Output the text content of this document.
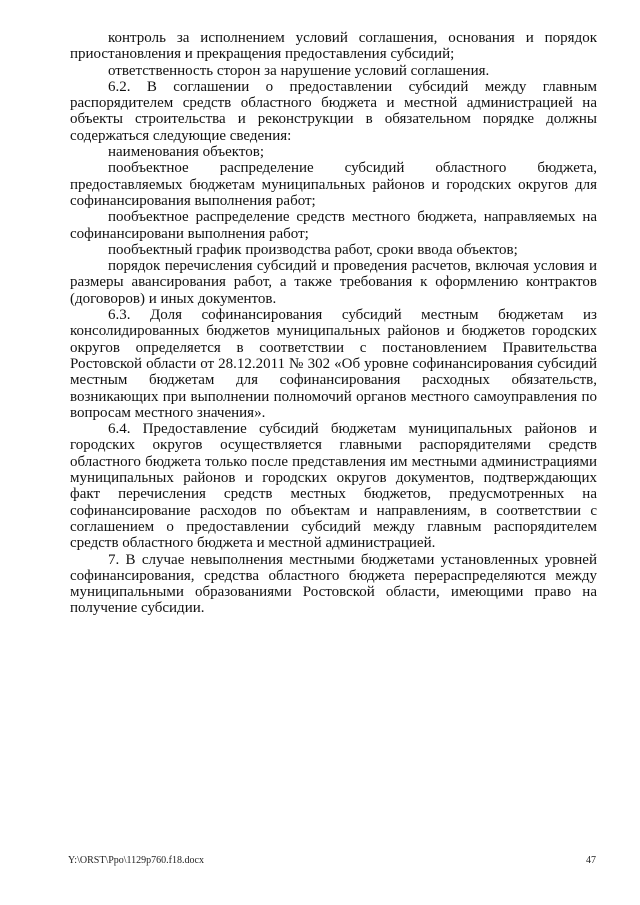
контроль за исполнением условий соглашения, основания и порядок приостановления и прекращения предоставления субсидий;

ответственность сторон за нарушение условий соглашения.

6.2. В соглашении о предоставлении субсидий между главным распорядителем средств областного бюджета и местной администрацией на объекты строительства и реконструкции в обязательном порядке должны содержаться следующие сведения:

наименования объектов;

пообъектное распределение субсидий областного бюджета, предоставляемых бюджетам муниципальных районов и городских округов для софинансирования выполнения работ;

пообъектное распределение средств местного бюджета, направляемых на софинансировани выполнения работ;

пообъектный график производства работ, сроки ввода объектов;

порядок перечисления субсидий и проведения расчетов, включая условия и размеры авансирования работ, а также требования к оформлению контрактов (договоров) и иных документов.

6.3. Доля софинансирования субсидий местным бюджетам из консолидированных бюджетов муниципальных районов и бюджетов городских округов определяется в соответствии с постановлением Правительства Ростовской области от 28.12.2011 № 302 «Об уровне софинансирования субсидий местным бюджетам для софинансирования расходных обязательств, возникающих при выполнении полномочий органов местного самоуправления по вопросам местного значения».

6.4. Предоставление субсидий бюджетам муниципальных районов и городских округов осуществляется главными распорядителями средств областного бюджета только после представления им местными администрациями муниципальных районов и городских округов документов, подтверждающих факт перечисления средств местных бюджетов, предусмотренных на софинансирование расходов по объектам и направлениям, в соответствии с соглашением о предоставлении субсидий между главным распорядителем средств областного бюджета и местной администрацией.

7. В случае невыполнения местными бюджетами установленных уровней софинансирования, средства областного бюджета перераспределяются между муниципальными образованиями Ростовской области, имеющими право на получение субсидии.

Y:\ORST\Ppo\1129p760.f18.docx	47
